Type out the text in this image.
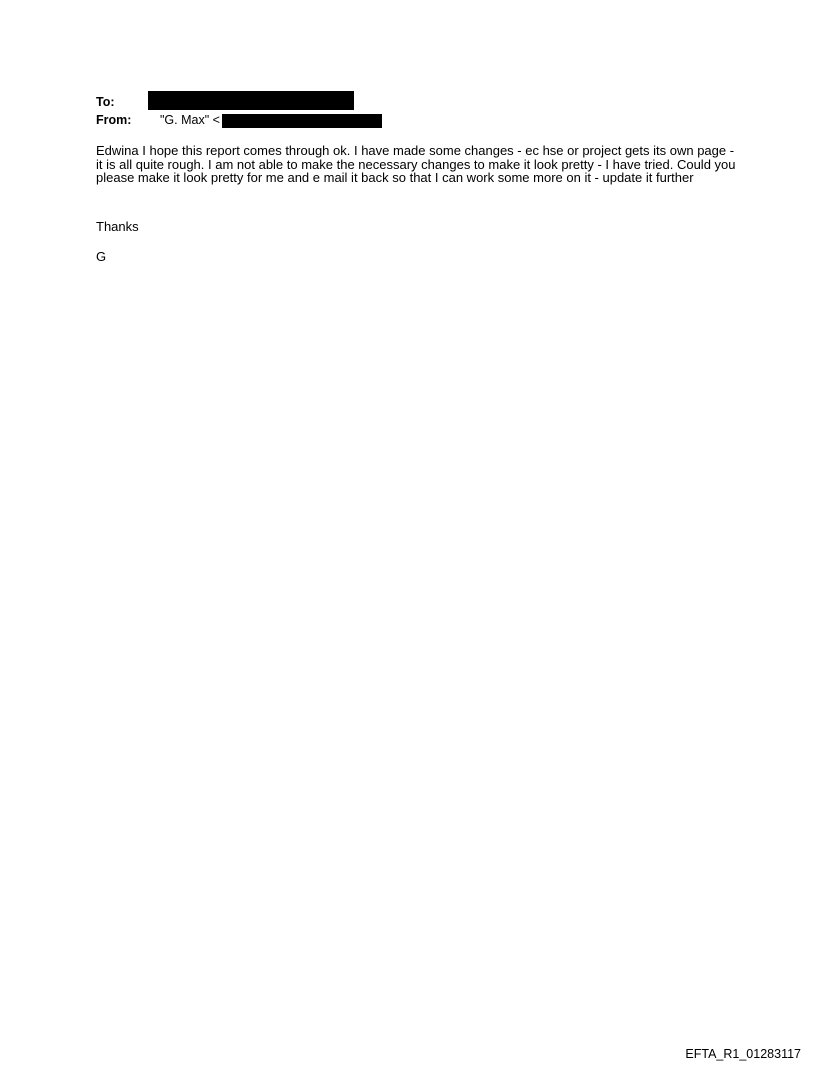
To:
From: "G. Max" <
Edwina I hope this report comes through ok. I have made some changes - ec hse or project gets its own page - it is all quite rough. I am not able to make the necessary changes to make it look pretty - I have tried. Could you please make it look pretty for me and e mail it back so that I can work some more on it - update it further
Thanks
G
EFTA_R1_01283117
